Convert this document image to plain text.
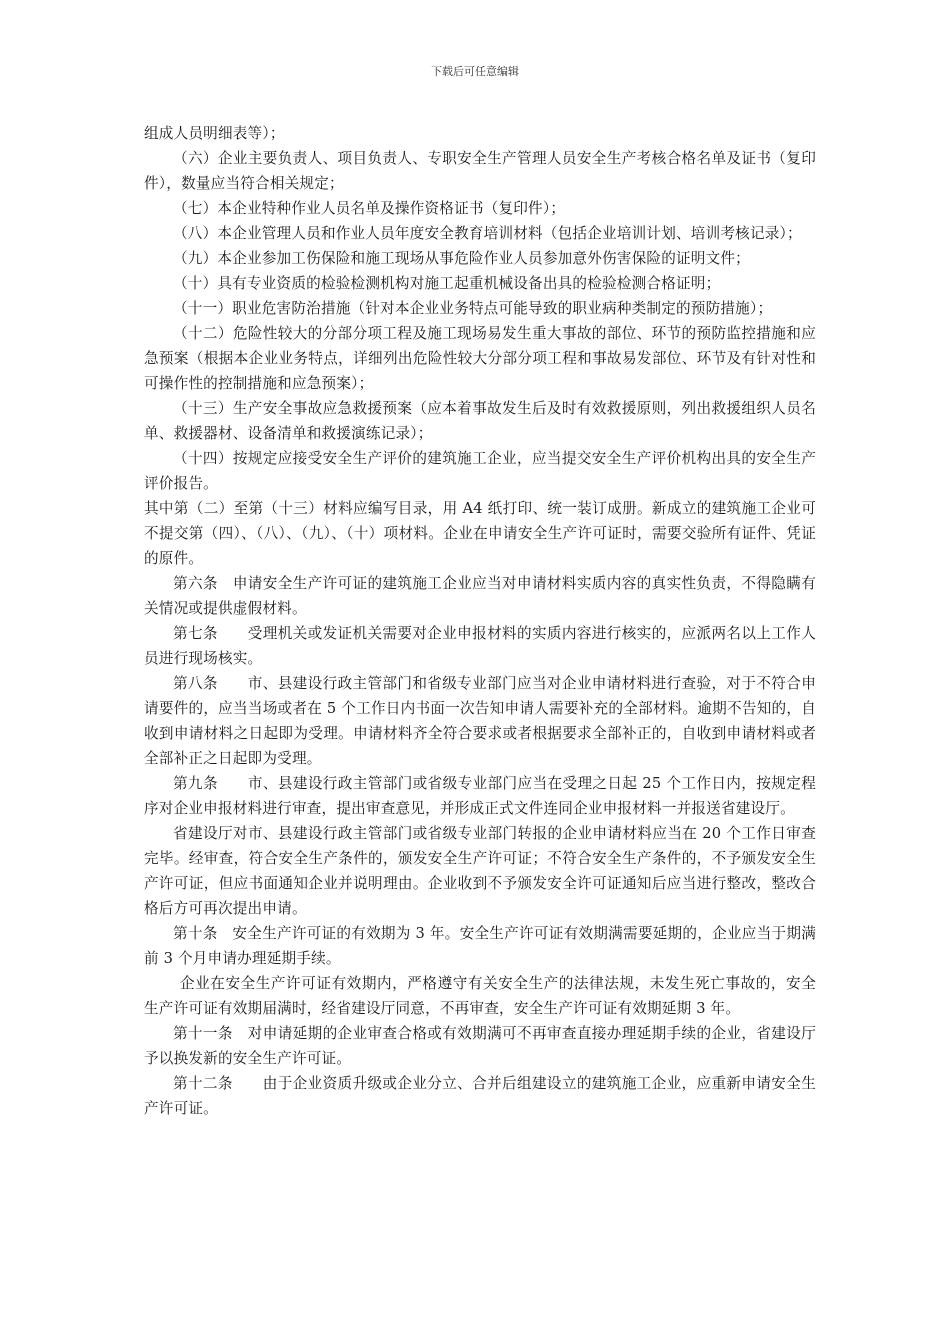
下载后可任意编辑

组成人员明细表等）；

（六）企业主要负责人、项目负责人、专职安全生产管理人员安全生产考核合格名单及证书（复印件），数量应当符合相关规定；

（七）本企业特种作业人员名单及操作资格证书（复印件）；

（八）本企业管理人员和作业人员年度安全教育培训材料（包括企业培训计划、培训考核记录）；

（九）本企业参加工伤保险和施工现场从事危险作业人员参加意外伤害保险的证明文件；

（十）具有专业资质的检验检测机构对施工起重机械设备出具的检验检测合格证明；

（十一）职业危害防治措施（针对本企业业务特点可能导致的职业病种类制定的预防措施）；

（十二）危险性较大的分部分项工程及施工现场易发生重大事故的部位、环节的预防监控措施和应急预案（根据本企业业务特点，详细列出危险性较大分部分项工程和事故易发部位、环节及有针对性和可操作性的控制措施和应急预案）；

（十三）生产安全事故应急救援预案（应本着事故发生后及时有效救援原则，列出救援组织人员名单、救援器材、设备清单和救援演练记录）；

（十四）按规定应接受安全生产评价的建筑施工企业，应当提交安全生产评价机构出具的安全生产评价报告。

其中第（二）至第（十三）材料应编写目录，用 A4 纸打印、统一装订成册。新成立的建筑施工企业可不提交第（四）、（八）、（九）、（十）项材料。企业在申请安全生产许可证时，需要交验所有证件、凭证的原件。

第六条　申请安全生产许可证的建筑施工企业应当对申请材料实质内容的真实性负责，不得隐瞒有关情况或提供虚假材料。

第七条　　受理机关或发证机关需要对企业申报材料的实质内容进行核实的，应派两名以上工作人员进行现场核实。

第八条　　市、县建设行政主管部门和省级专业部门应当对企业申请材料进行查验，对于不符合申请要件的，应当当场或者在 5 个工作日内书面一次告知申请人需要补充的全部材料。逾期不告知的，自收到申请材料之日起即为受理。申请材料齐全符合要求或者根据要求全部补正的，自收到申请材料或者全部补正之日起即为受理。

第九条　　市、县建设行政主管部门或省级专业部门应当在受理之日起 25 个工作日内，按规定程序对企业申报材料进行审查，提出审查意见，并形成正式文件连同企业申报材料一并报送省建设厅。

省建设厅对市、县建设行政主管部门或省级专业部门转报的企业申请材料应当在 20 个工作日审查完毕。经审查，符合安全生产条件的，颁发安全生产许可证；不符合安全生产条件的，不予颁发安全生产许可证，但应书面通知企业并说明理由。企业收到不予颁发安全许可证通知后应当进行整改，整改合格后方可再次提出申请。

第十条　安全生产许可证的有效期为 3 年。安全生产许可证有效期满需要延期的，企业应当于期满前 3 个月申请办理延期手续。

企业在安全生产许可证有效期内，严格遵守有关安全生产的法律法规，未发生死亡事故的，安全生产许可证有效期届满时，经省建设厅同意，不再审查，安全生产许可证有效期延期 3 年。

第十一条　对申请延期的企业审查合格或有效期满可不再审查直接办理延期手续的企业，省建设厅予以换发新的安全生产许可证。

第十二条　　由于企业资质升级或企业分立、合并后组建设立的建筑施工企业，应重新申请安全生产许可证。
